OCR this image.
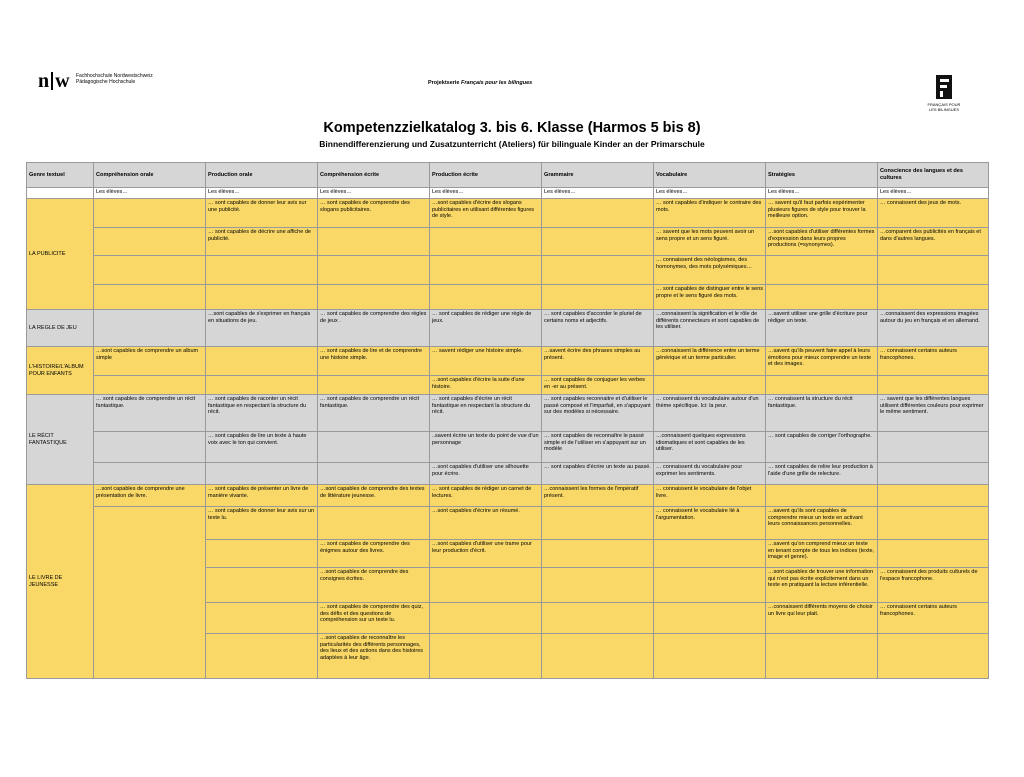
n w Fachhochschule Nordwestschweiz
Pädagogische Hochschule	Projektserie Français pour les bilingues
FRANÇAIS POUR
LES BILINGUES
Kompetenzzielkatalog 3. bis 6. Klasse (Harmos 5 bis 8)
Binnendifferenzierung und Zusatzunterricht (Ateliers) für bilinguale Kinder an der Primarschule
Genre textuel	Compréhension orale	Production orale	Compréhension écrite	Production écrite	Grammaire	Vocabulaire	Stratégies	Conscience des langues et des cultures
	Les élèves…	Les élèves…	Les élèves…	Les élèves…	Les élèves…	Les élèves…	Les élèves…	Les élèves…
LA PUBLICITE		… sont capables de donner leur avis sur une publicité.	… sont capables de comprendre des slogans publicitaires.	…sont capables d'écrire des slogans publicitaires en utilisant différentes figures de style.		… sont capables d'indiquer le contraire des mots.	… savent qu'il faut parfois expérimenter plusieurs figures de style pour trouver la meilleure option.	… connaissent des jeux de mots.
		… sont capables de décrire une affiche de publicité.				… savent que les mots peuvent avoir un sens propre et un sens figuré.	…sont capables d'utiliser différentes formes d'expression dans leurs propres productions (=synonymes).	…comparent des publicités en français et dans d'autres langues.
						… connaissent des néologismes, des homonymes, des mots polysémiques…		
						… sont capables de distinguer entre le sens propre et le sens figuré des mots.		
LA REGLE DE JEU		…sont capables de s'exprimer en français en situations de jeu.	… sont capables de comprendre des règles de jeux .	… sont capables de rédiger une règle de jeux.	… sont capables d'accorder le pluriel de certains noms et adjectifs.	…connaissent la signification et le rôle de différents connecteurs et sont capables de les utiliser.	…savent utiliser une grille d'écriture pour rédiger un texte.	…connaissent des expressions imagées autour du jeu en français et en allemand.
L'HISTOIRE/L'ALBUM POUR ENFANTS	…sont capables de comprendre un album simple		… sont capables de lire et de comprendre une histoire simple.	… savent rédiger une histoire simple.	…savent écrire des phrases simples au présent.	…connaissent la différence entre un terme générique et un terme particulier.	…savent qu'ils peuvent faire appel à leurs émotions pour mieux comprendre un texte et des images.	… connaissent certains auteurs francophones.
				…sont capables d'écrire la suite d'une histoire.	… sont capables de conjuguer les verbes en -er au présent.			
LE RÉCIT FANTASTIQUE	… sont capables de comprendre un récit fantastique.	… sont capables de raconter un récit fantastique en respectant la structure du récit.	… sont capables de comprendre un récit fantastique.	… sont capables d'écrire un récit fantastique en respectant la structure du récit.	… sont capables reconnaitre et d'utiliser le passé composé et l'imparfait, en s'appuyant sur des modèles si nécessaire.	… connaissent du vocabulaire autour d'un thème spécifique. Ici: la peur.	… connaissent la structure du récit fantastique.	… savent que les différentes langues utilisent différentes couleurs pour exprimer le même sentiment.
		… sont capables de lire un texte à haute voix avec le ton qui convient.		..savent écrire un texte du point de vue d'un personnage	… sont capables de reconnaître le passé simple et de l'utiliser en s'appuyant sur un modèle	…connaissent quelques expressions idiomatiques et sont capables de les utiliser.	… sont capables de corriger l'orthographe.	
				…sont capables d'utiliser une silhouette pour écrire.	… sont capables d'écrire un texte au passé.	… connaissent du vocabulaire pour exprimer les sentiments.	… sont capables de relire leur production à l'aide d'une grille de relecture.	
LE LIVRE DE JEUNESSE	…sont capables de comprendre une présentation de livre.	… sont capables de présenter un livre de manière vivante.	…sont capables de comprendre des textes de littérature jeunesse.	… sont capables de rédiger un carnet de lectures.	…connaissent les formes de l'impératif présent.	… connaissent le vocabulaire de l'objet livre.		
		… sont capables de donner leur avis sur un texte lu.		…sont capables d'écrire un résumé.		… connaissent le vocabulaire lié à l'argumentation.	…savent qu'ils sont capables de comprendre mieux un texte en activant leurs connaissances personnelles.	
			… sont capables de comprendre des énigmes autour des livres.	…sont capables d'utiliser une trame pour leur production d'écrit.			…savent qu'on comprend mieux un texte en tenant compte de tous les indices (texte, image et genre).	
			…sont capables de comprendre des consignes écrites.				…sont capables de trouver une information qui n'est pas écrite explicitement dans un texte en pratiquant la lecture inférentielle.	… connaissent des produits culturels de l'espace francophone.
			… sont capables de comprendre des quiz, des défis et des questions de compréhension sur un texte lu.				…connaissent différents moyens de choisir un livre qui leur plait.	… connaissent certains auteurs francophones.
			…sont capables de reconnaître les particularités des différents personnages, des lieux et des actions dans des histoires adaptées à leur âge.					
